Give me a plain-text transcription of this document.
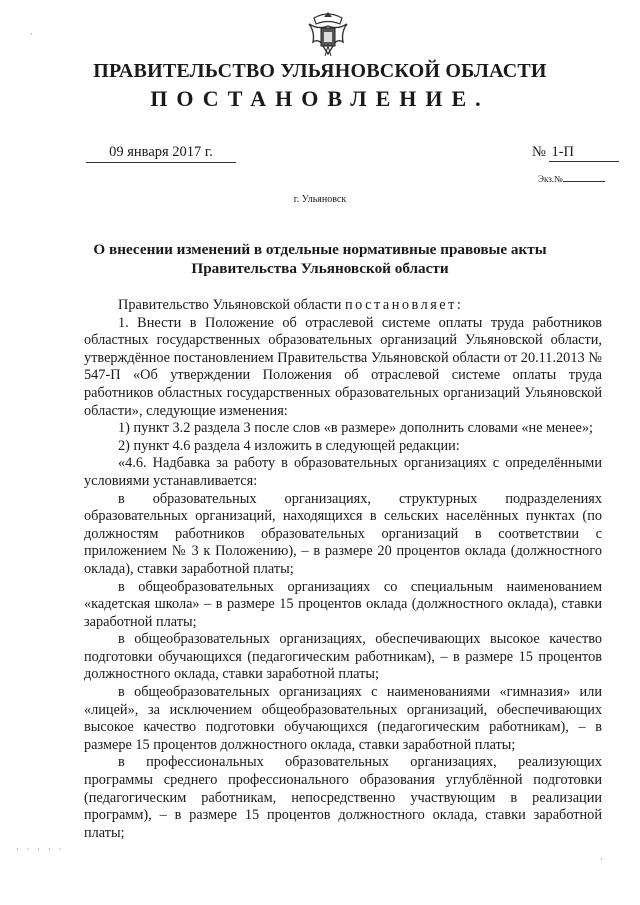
ПРАВИТЕЛЬСТВО УЛЬЯНОВСКОЙ ОБЛАСТИ
ПОСТАНОВЛЕНИЕ.
09 января 2017 г.	№ 1-П
Экз.№
г. Ульяновск
О внесении изменений в отдельные нормативные правовые акты
Правительства Ульяновской области

Правительство Ульяновской области постановляет:

1. Внести в Положение об отраслевой системе оплаты труда работников областных государственных образовательных организаций Ульяновской области, утверждённое постановлением Правительства Ульяновской области от 20.11.2013 № 547-П «Об утверждении Положения об отраслевой системе оплаты труда работников областных государственных образовательных организаций Ульяновской области», следующие изменения:

1) пункт 3.2 раздела 3 после слов «в размере» дополнить словами «не менее»;

2) пункт 4.6 раздела 4 изложить в следующей редакции:

«4.6. Надбавка за работу в образовательных организациях с определёнными условиями устанавливается:

в образовательных организациях, структурных подразделениях образовательных организаций, находящихся в сельских населённых пунктах (по должностям работников образовательных организаций в соответствии с приложением № 3 к Положению), – в размере 20 процентов оклада (должностного оклада), ставки заработной платы;

в общеобразовательных организациях со специальным наименованием «кадетская школа» – в размере 15 процентов оклада (должностного оклада), ставки заработной платы;

в общеобразовательных организациях, обеспечивающих высокое качество подготовки обучающихся (педагогическим работникам), – в размере 15 процентов должностного оклада, ставки заработной платы;

в общеобразовательных организациях с наименованиями «гимназия» или «лицей», за исключением общеобразовательных организаций, обеспечивающих высокое качество подготовки обучающихся (педагогическим работникам), – в размере 15 процентов должностного оклада, ставки заработной платы;

в профессиональных образовательных организациях, реализующих программы среднего профессионального образования углублённой подготовки (педагогическим работникам, непосредственно участвующим в реализации программ), – в размере 15 процентов должностного оклада, ставки заработной платы;

·
· · · · ·
·
